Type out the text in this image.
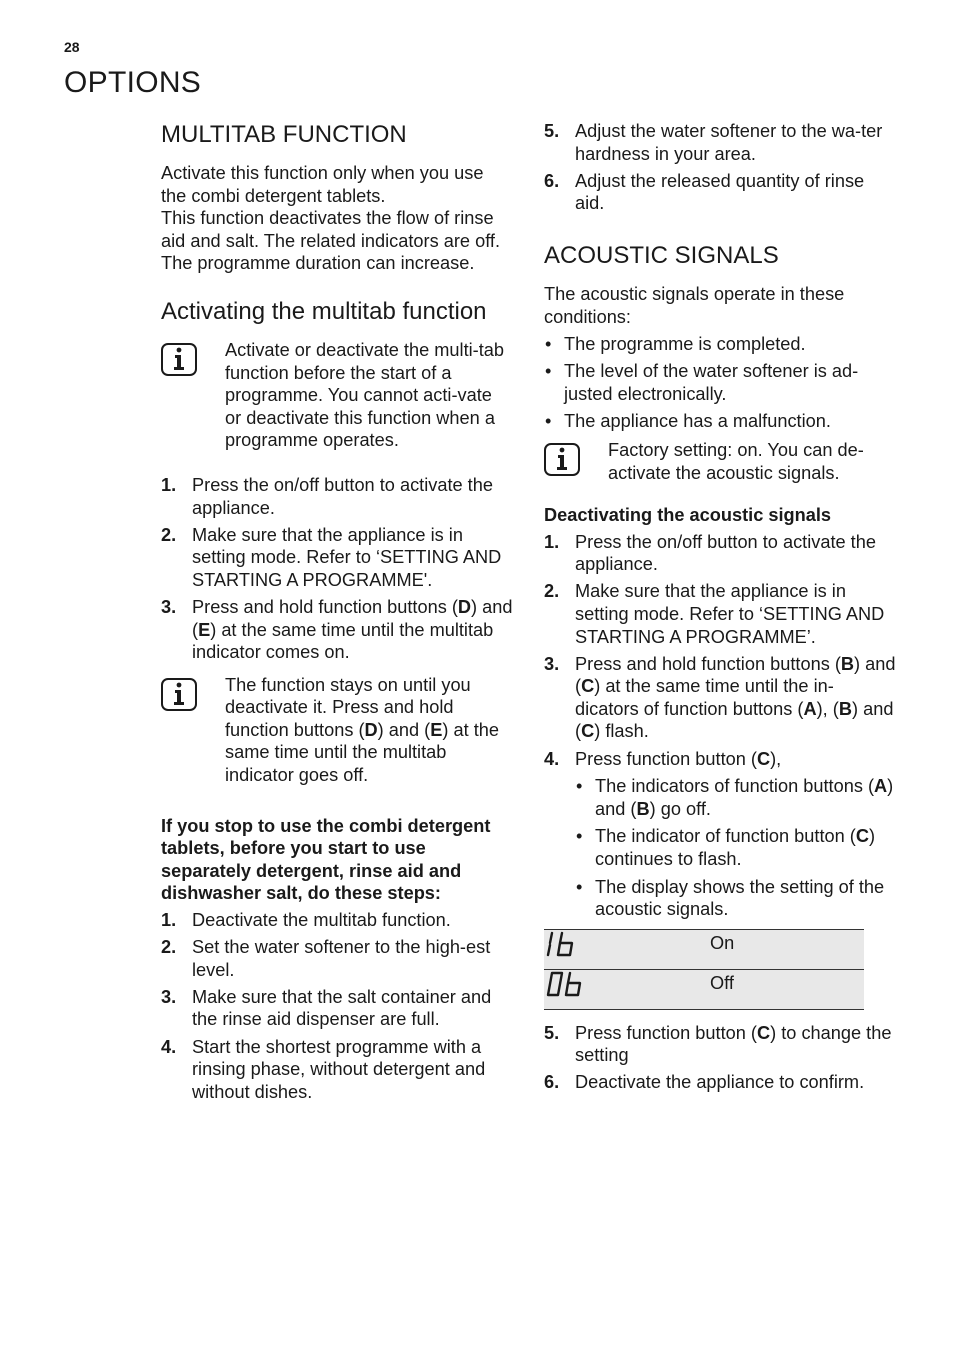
28
OPTIONS
MULTITAB FUNCTION

Activate this function only when you use the combi detergent tablets.

This function deactivates the flow of rinse aid and salt. The related indicators are off.

The programme duration can increase.

Activating the multitab function
Activate or deactivate the multi-tab function before the start of a programme. You cannot acti-vate or deactivate this function when a programme operates.
1. Press the on/off button to activate the appliance.
2. Make sure that the appliance is in setting mode. Refer to ‘SETTING AND STARTING A PROGRAMME'.
3. Press and hold function buttons (D) and (E) at the same time until the multitab indicator comes on.
The function stays on until you deactivate it. Press and hold function buttons (D) and (E) at the same time until the multitab indicator goes off.
If you stop to use the combi detergent tablets, before you start to use separately detergent, rinse aid and dishwasher salt, do these steps:
1. Deactivate the multitab function.
2. Set the water softener to the high-est level.
3. Make sure that the salt container and the rinse aid dispenser are full.
4. Start the shortest programme with a rinsing phase, without detergent and without dishes.
5. Adjust the water softener to the wa-ter hardness in your area.
6. Adjust the released quantity of rinse aid.
ACOUSTIC SIGNALS

The acoustic signals operate in these conditions:

• The programme is completed.
• The level of the water softener is ad-justed electronically.
• The appliance has a malfunction.
Factory setting: on. You can de-activate the acoustic signals.
Deactivating the acoustic signals
1. Press the on/off button to activate the appliance.
2. Make sure that the appliance is in setting mode. Refer to ‘SETTING AND STARTING A PROGRAMME’.
3. Press and hold function buttons (B) and (C) at the same time until the in-dicators of function buttons (A), (B) and (C) flash.
4. Press function button (C),
• The indicators of function buttons (A) and (B) go off.
• The indicator of function button (C) continues to flash.
• The display shows the setting of the acoustic signals.
	On
	Off
5. Press function button (C) to change the setting
6. Deactivate the appliance to confirm.
